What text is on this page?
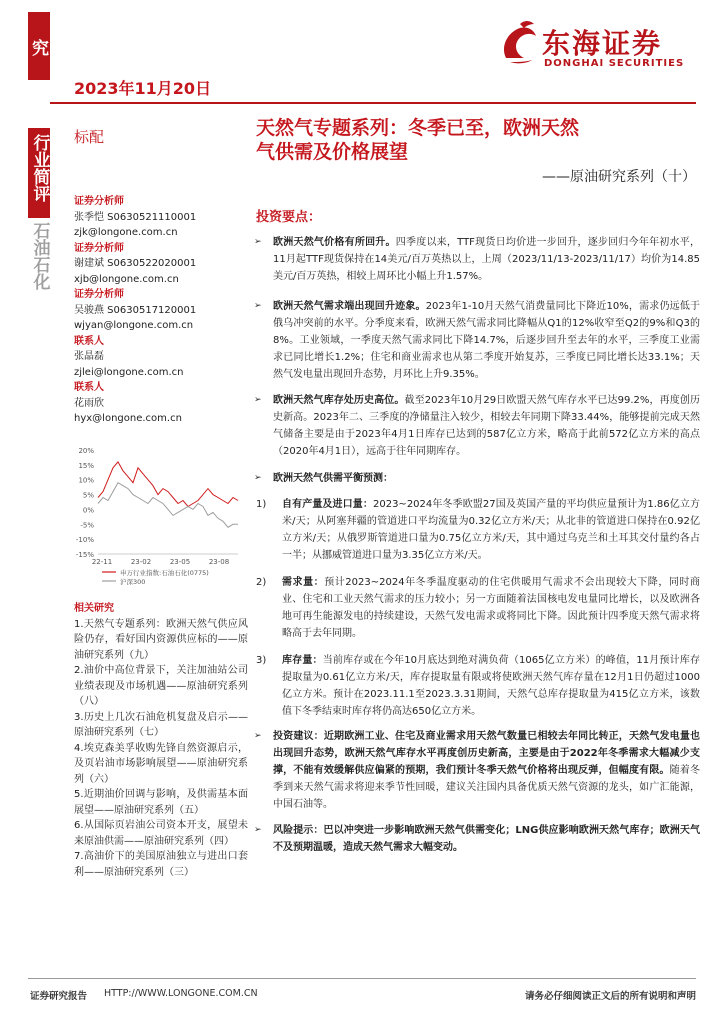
行业研究
2023年11月20日
东海证券
DONGHAI SECURITIES
行业简评
石油石化
标配	天然气专题系列：冬季已至，欧洲天然
气供需及价格展望
——原油研究系列（十）
证券分析师
张季恺 S0630521110001
zjk@longone.com.cn
证券分析师
谢建斌 S0630522020001
xjb@longone.com.cn
证券分析师
吴骏燕 S0630517120001
wjyan@longone.com.cn
联系人
张晶磊
zjlei@longone.com.cn
联系人
花雨欣
hyx@longone.com.cn
20%
15%
10%
5%
0%
-5%
-10%
-15%
22-11	23-02	23-05	23-08
申万行业指数:石油石化(0775)
沪深300
相关研究
1.天然气专题系列：欧洲天然气供应风险仍存，看好国内资源供应标的——原油研究系列（九）
2.油价中高位背景下，关注加油站公司业绩表现及市场机遇——原油研究系列（八）
3.历史上几次石油危机复盘及启示——原油研究系列（七）
4.埃克森美孚收购先锋自然资源启示，及页岩油市场影响展望——原油研究系列（六）
5.近期油价回调与影响，及供需基本面展望——原油研究系列（五）
6.从国际页岩油公司资本开支，展望未来原油供需——原油研究系列（四）
7.高油价下的美国原油独立与进出口套利——原油研究系列（三）
投资要点：
➢ 欧洲天然气价格有所回升。四季度以来，TTF现货日均价进一步回升，逐步回归今年年初水平，11月起TTF现货保持在14美元/百万英热以上，上周（2023/11/13-2023/11/17）均价为14.85美元/百万英热，相较上周环比小幅上升1.57%。
➢ 欧洲天然气需求端出现回升迹象。2023年1-10月天然气消费量同比下降近10%，需求仍远低于俄乌冲突前的水平。分季度来看，欧洲天然气需求同比降幅从Q1的12%收窄至Q2的9%和Q3的8%。工业领域，一季度天然气需求同比下降14.7%，后逐步回升至去年的水平，三季度工业需求已同比增长1.2%；住宅和商业需求也从第二季度开始复苏，三季度已同比增长达33.1%；天然气发电量出现回升态势，月环比上升9.35%。
➢ 欧洲天然气库存处历史高位。截至2023年10月29日欧盟天然气库存水平已达99.2%，再度创历史新高。2023年二、三季度的净储量注入较少，相较去年同期下降33.44%，能够提前完成天然气储备主要是由于2023年4月1日库存已达到的587亿立方米，略高于此前572亿立方米的高点（2020年4月1日），远高于往年同期库存。
➢ 欧洲天然气供需平衡预测：
1) 自有产量及进口量：2023~2024年冬季欧盟27国及英国产量的平均供应量预计为1.86亿立方米/天；从阿塞拜疆的管道进口平均流量为0.32亿立方米/天；从北非的管道进口保持在0.92亿立方米/天；从俄罗斯管道进口量为0.75亿立方米/天，其中通过乌克兰和土耳其交付量约各占一半；从挪威管道进口量为3.35亿立方米/天。
2) 需求量：预计2023~2024年冬季温度驱动的住宅供暖用气需求不会出现较大下降，同时商业、住宅和工业天然气需求的压力较小；另一方面随着法国核电发电量同比增长，以及欧洲各地可再生能源发电的持续建设，天然气发电需求或将同比下降。因此预计四季度天然气需求将略高于去年同期。
3) 库存量：当前库存或在今年10月底达到绝对满负荷（1065亿立方米）的峰值，11月预计库存提取量为0.61亿立方米/天，库存提取量有限或将使欧洲天然气库存量在12月1日仍超过1000亿立方米。预计在2023.11.1至2023.3.31期间，天然气总库存提取量为415亿立方米，该数值下冬季结束时库存将仍高达650亿立方米。
➢ 投资建议：近期欧洲工业、住宅及商业需求用天然气数量已相较去年同比转正，天然气发电量也出现回升态势，欧洲天然气库存水平再度创历史新高，主要是由于2022年冬季需求大幅减少支撑，不能有效缓解供应偏紧的预期，我们预计冬季天然气价格将出现反弹，但幅度有限。随着冬季到来天然气需求将迎来季节性回暖，建议关注国内具备优质天然气资源的龙头，如广汇能源，中国石油等。
➢ 风险提示：巴以冲突进一步影响欧洲天然气供需变化；LNG供应影响欧洲天然气库存；欧洲天气不及预期温暖，造成天然气需求大幅变动。
证券研究报告 HTTP://WWW.LONGONE.COM.CN	请务必仔细阅读正文后的所有说明和声明
